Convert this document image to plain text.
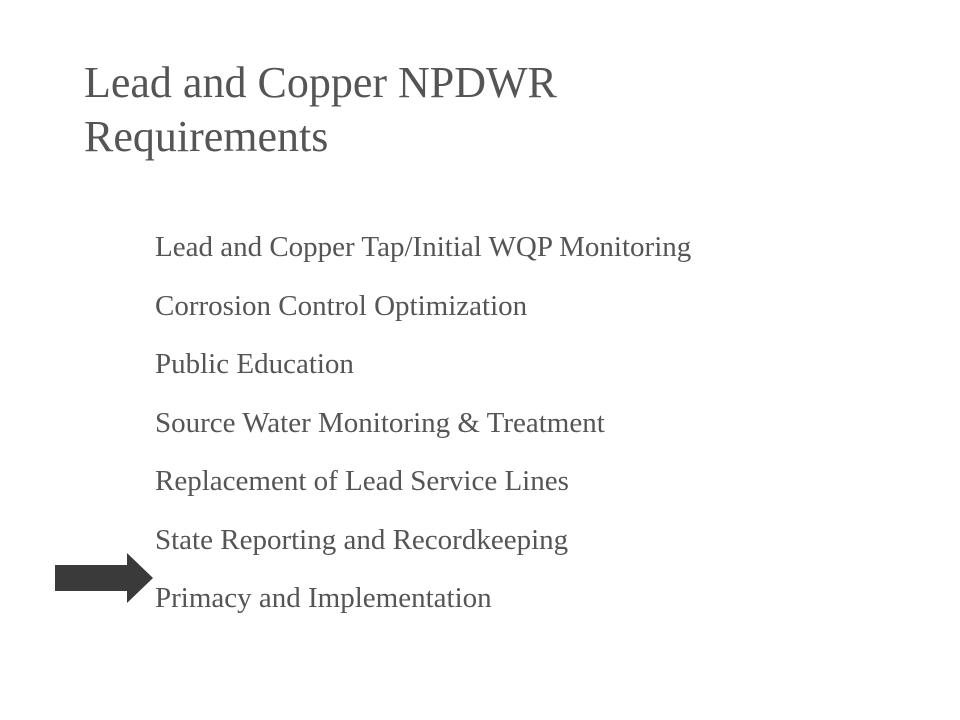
Lead and Copper NPDWR
Requirements
Lead and Copper Tap/Initial WQP Monitoring
Corrosion Control Optimization
Public Education
Source Water Monitoring & Treatment
Replacement of Lead Service Lines
State Reporting and Recordkeeping
Primacy and Implementation
